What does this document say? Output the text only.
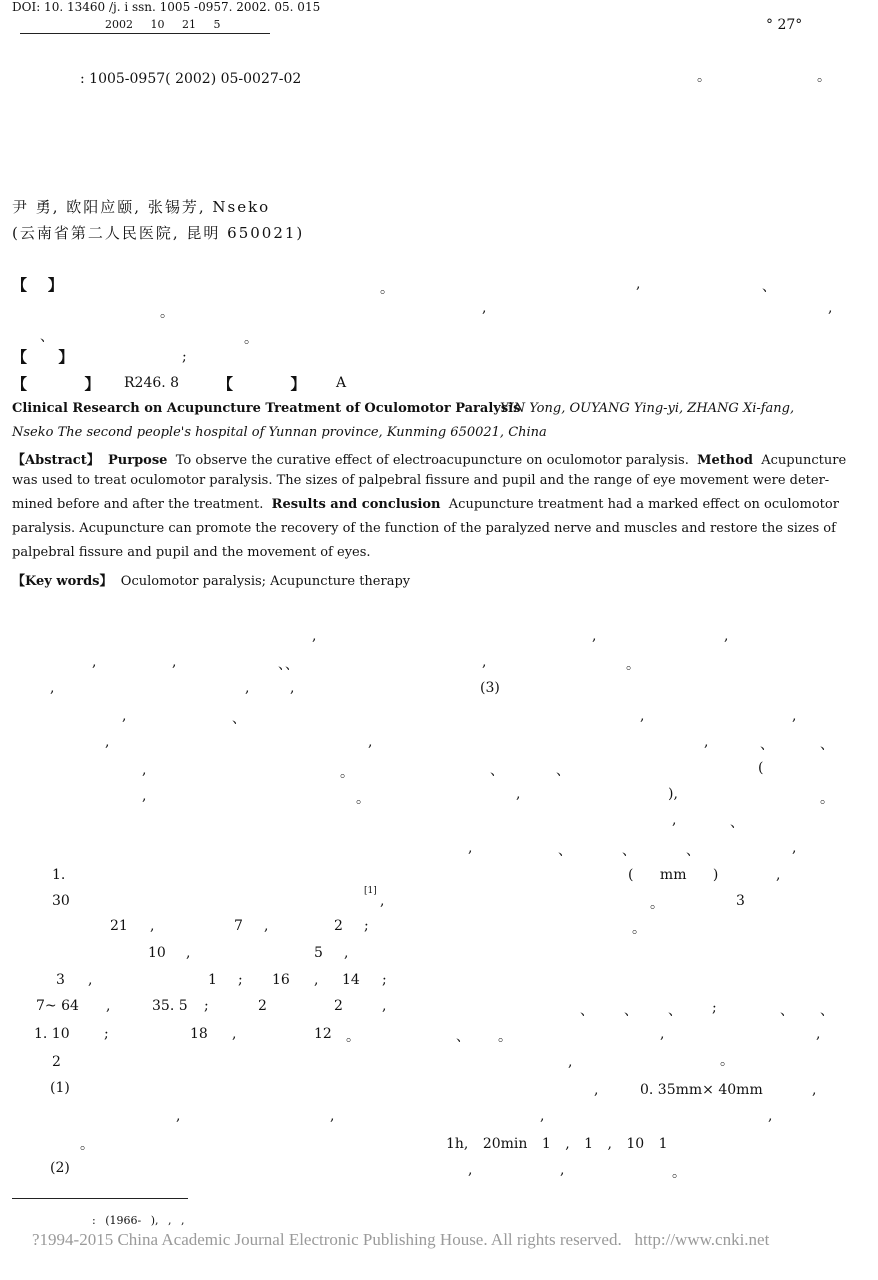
DOI: 10. 13460 /j. i ssn. 1005 -0957. 2002. 05. 015
2002 10 21 5	° 27°
: 1005-0957( 2002) 05-0027-02	。	。
尹 勇, 欧阳应颐, 张锡芳, Nseko
(云南省第二人民医院, 昆明 650021)
【    】	。	,	、
。	,	,
、	。
【      】	;
【           】 R246. 8	【           】 A
Clinical Research on Acupuncture Treatment of Oculomotor Paralysis
YIN Yong, OUYANG Ying-yi, ZHANG Xi-fang,
Nseko The second people's hospital of Yunnan province, Kunming 650021, China
【Abstract】 Purpose To observe the curative effect of electroacupuncture on oculomotor paralysis. Method Acupuncture
was used to treat oculomotor paralysis. The sizes of palpebral fissure and pupil and the range of eye movement were deter-
mined before and after the treatment. Results and conclusion Acupuncture treatment had a marked effect on oculomotor
paralysis. Acupuncture can promote the recovery of the function of the paralyzed nerve and muscles and restore the sizes of
palpebral fissure and pupil and the movement of eyes.
【Key words】 Oculomotor paralysis; Acupuncture therapy
,
,	,	、、
,	,	,
,	、
,	,
,	。
,	。
1.
30
21 ,	7 ,	2 ;
10 ,	5 ,
3 ,	1 ; 16 , 14 ;
7~ 64 ,	35. 5 ;	2	2	,
1. 10 ;	18 ,	12 。
2
(1)
,	,
。
(2)
,	,
,	。
(3)
,	,
,	、	、
、	、	(
,	),	。
,	、
,	、	、	、	,
( mm )	,
[1]
,	。	3
。
、 、 、 ;	、 、
、 。	,	,
,	。
,	0. 35mm× 40mm	,
,	,
1h, 20min 1 , 1 , 10 1
,	,	。
: (1966- ), , ,
?1994-2015 China Academic Journal Electronic Publishing House. All rights reserved.   http://www.cnki.net
